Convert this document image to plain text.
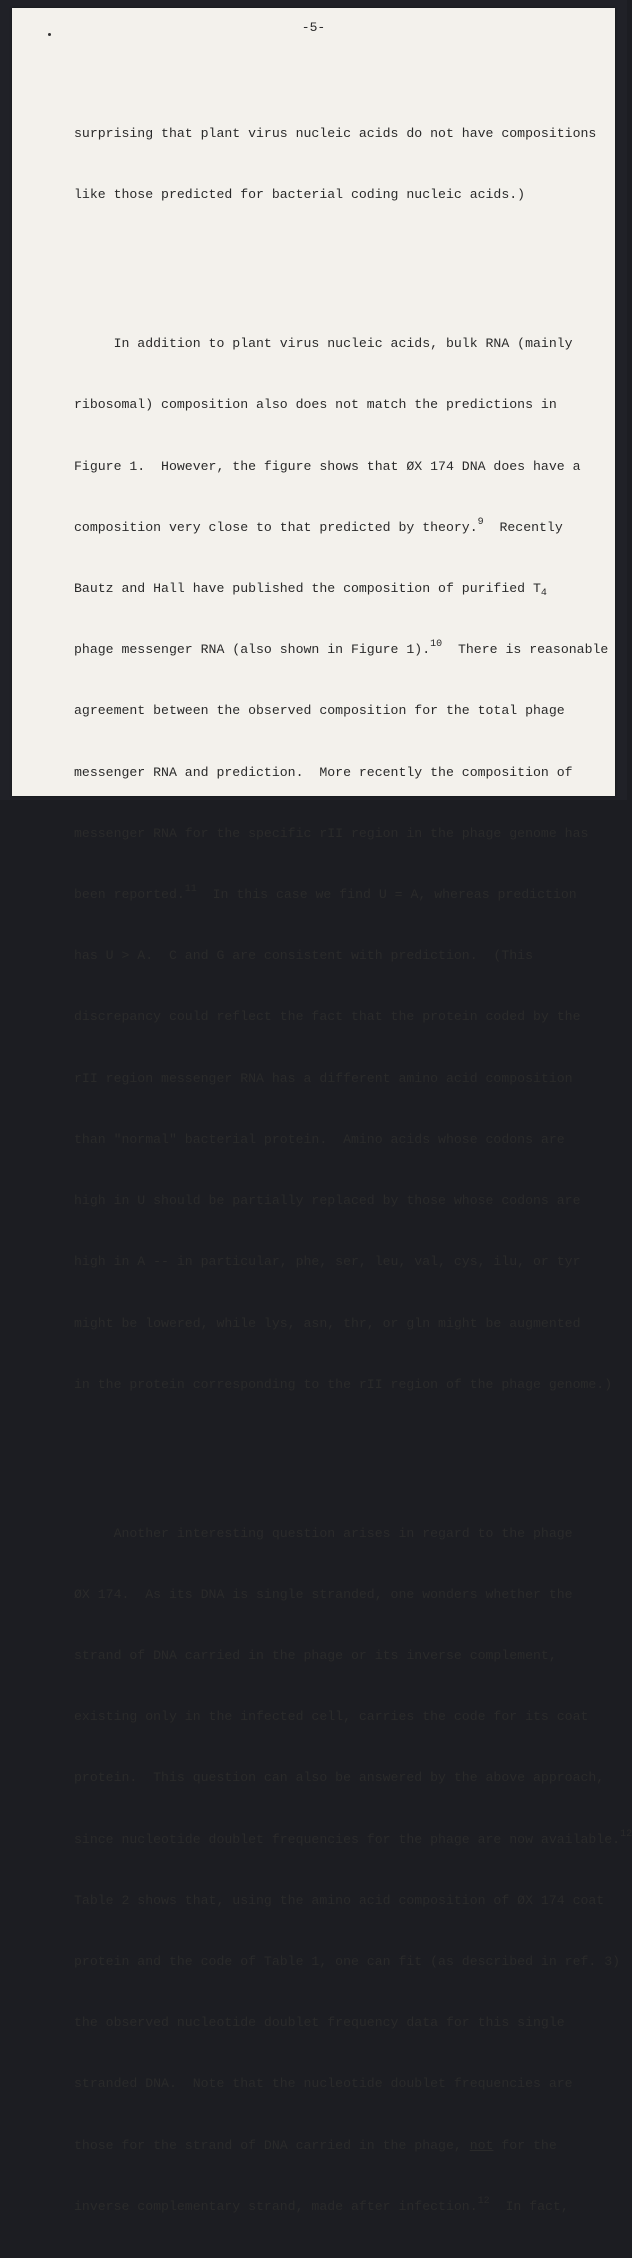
-5-

surprising that plant virus nucleic acids do not have compositions

like those predicted for bacterial coding nucleic acids.)

In addition to plant virus nucleic acids, bulk RNA (mainly

ribosomal) composition also does not match the predictions in

Figure 1.  However, the figure shows that ØX 174 DNA does have a

composition very close to that predicted by theory.$^9$  Recently

Bautz and Hall have published the composition of purified $T_4$

phage messenger RNA (also shown in Figure 1).$^{10}$  There is reasonable

agreement between the observed composition for the total phage

messenger RNA and prediction.  More recently the composition of

messenger RNA for the specific rII region in the phage genome has

been reported.$^{11}$  In this case we find U = A, whereas prediction

has U > A.  C and G are consistent with prediction.  (This

discrepancy could reflect the fact that the protein coded by the

rII region messenger RNA has a different amino acid composition

than "normal" bacterial protein.  Amino acids whose codons are

high in U should be partially replaced by those whose codons are

high in A -- in particular, phe, ser, leu, val, cys, ilu, or tyr

might be lowered, while lys, asn, thr, or gln might be augmented

in the protein corresponding to the rII region of the phage genome.)

Another interesting question arises in regard to the phage

ØX 174.  As its DNA is single stranded, one wonders whether the

strand of DNA carried in the phage or its inverse complement,

existing only in the infected cell, carries the code for its coat

protein.  This question can also be answered by the above approach,

since nucleotide doublet frequencies for the phage are now available.$^{12}$

Table 2 shows that, using the amino acid composition of ØX 174 coat

protein and the code of Table 1, one can fit (as described in ref. 3)

the observed nucleotide doublet frequency data for this single

stranded DNA.  Note that the nucleotide doublet frequencies are

those for the strand of DNA carried in the phage, not for the

inverse complementary strand, made after infection.$^{12}$  In fact,
